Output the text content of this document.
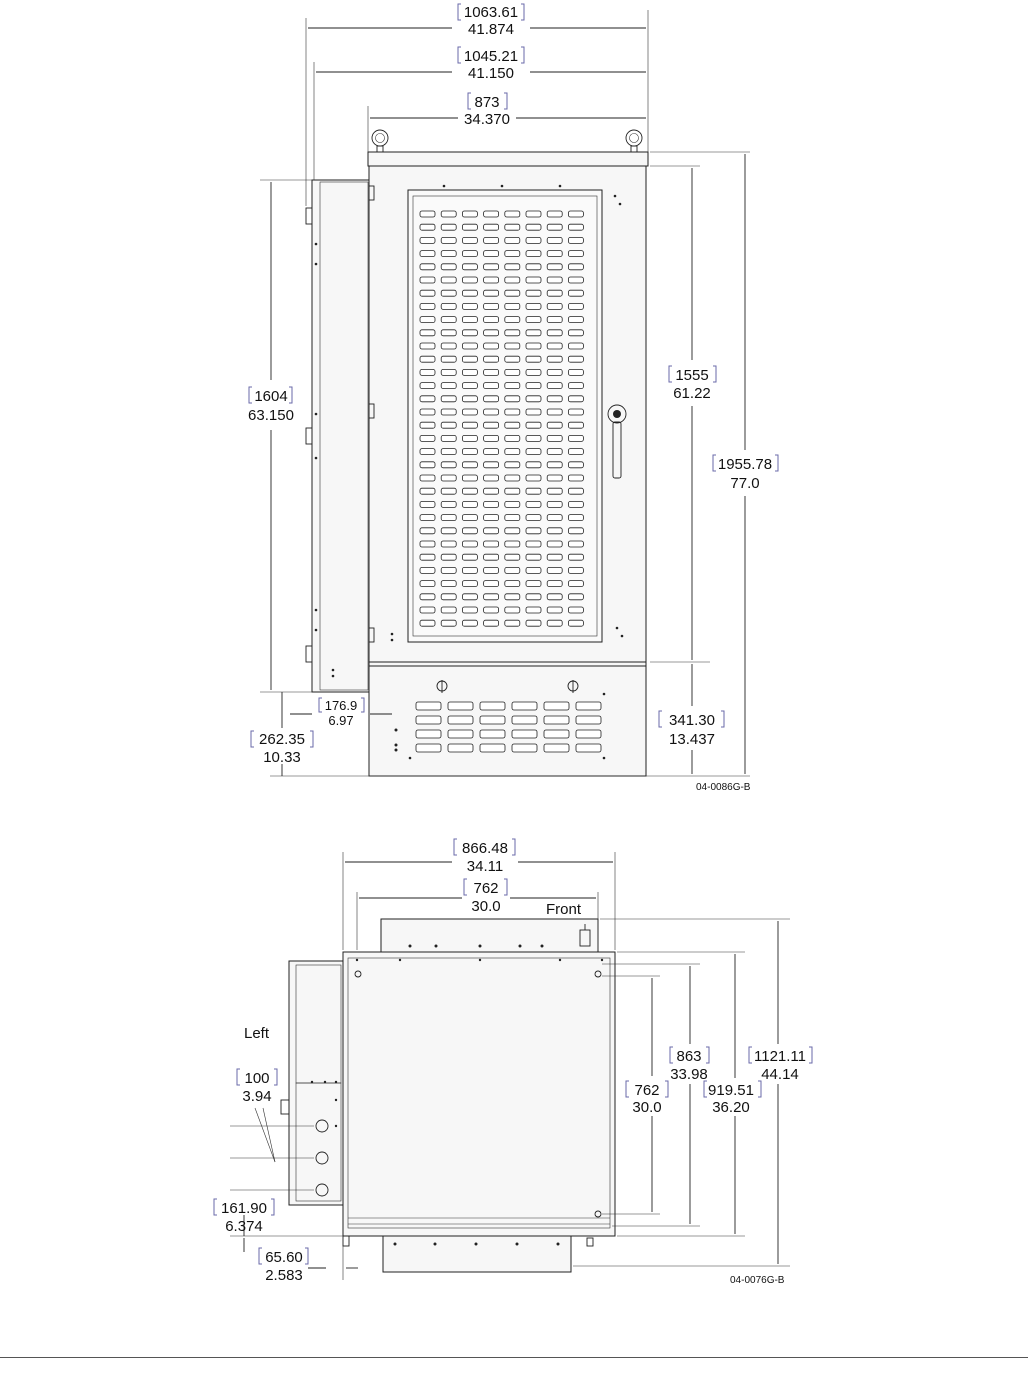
1063.61
41.874
1045.21
41.150
873
34.370
1604
63.150
1555
61.22
1955.78
77.0
176.9
6.97
262.35
10.33
341.30
13.437
04-0086G-B
Front
Left
866.48
34.11
762
30.0
762
30.0
863
33.98
919.51
36.20
1121.11
44.14
100
3.94
161.90
6.374
65.60
2.583	04-0076G-B
